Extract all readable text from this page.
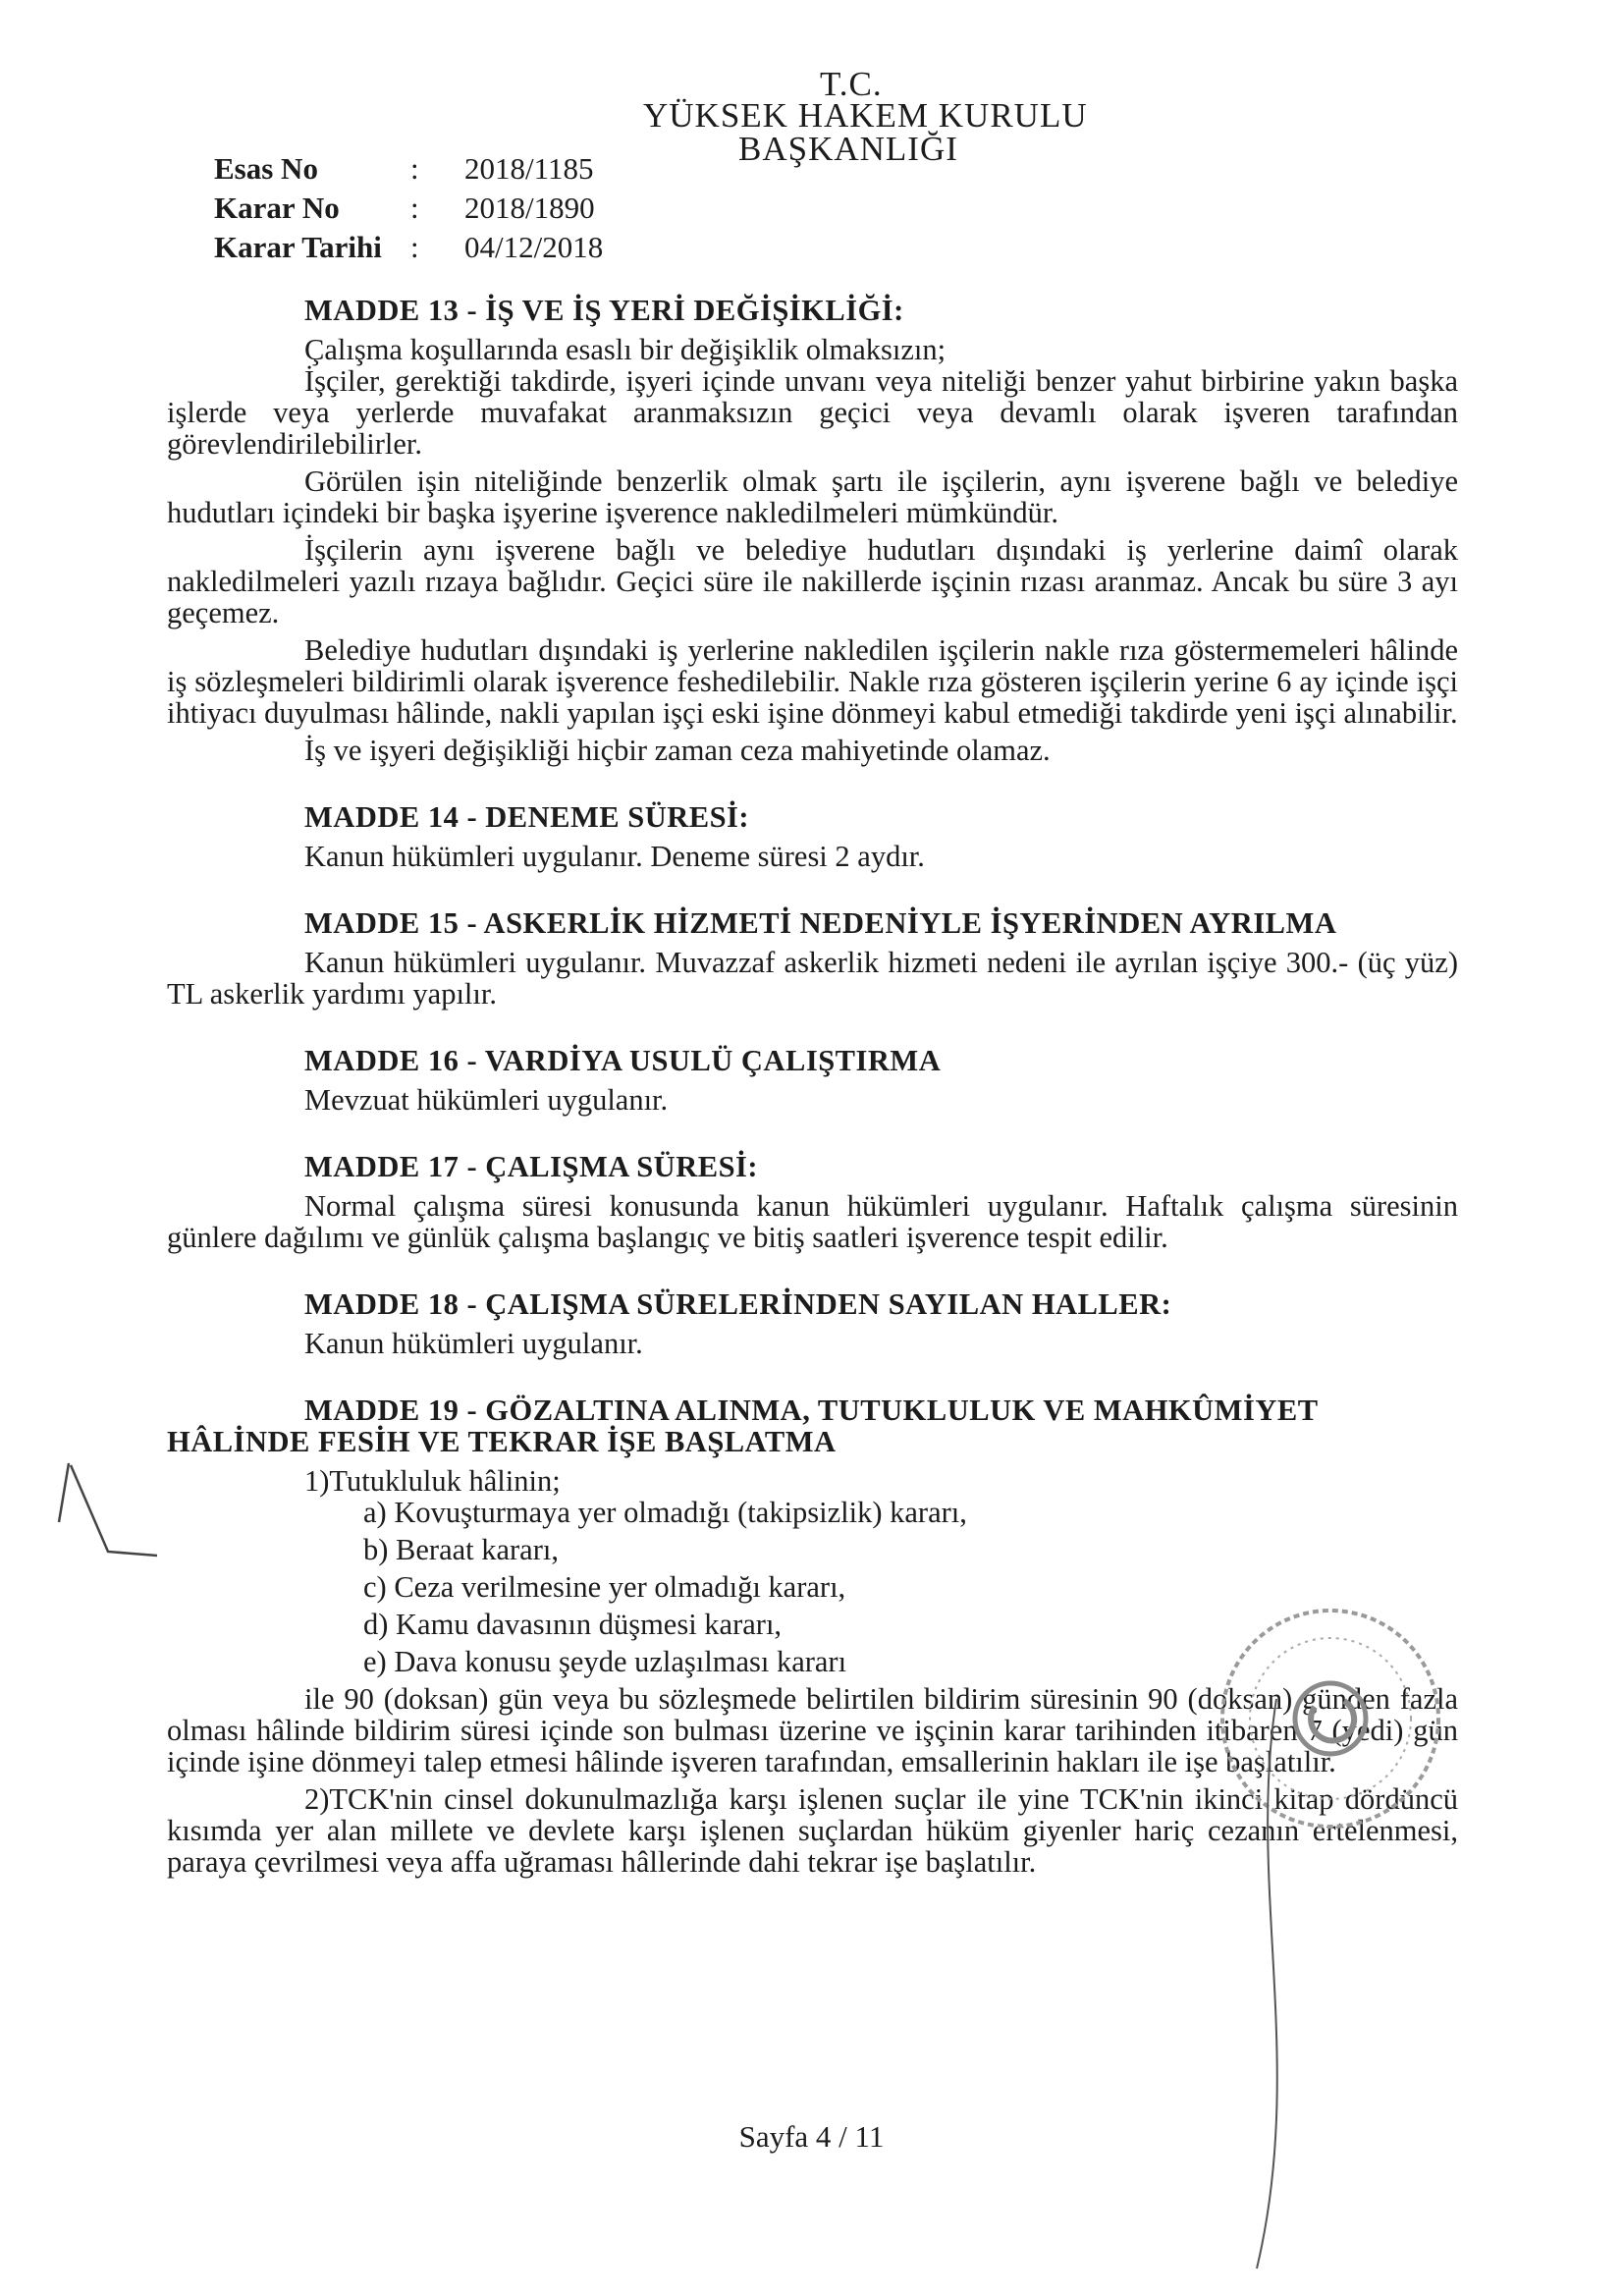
T.C.
YÜKSEK HAKEM KURULU
BAŞKANLIĞI
Esas No	:	2018/1185
Karar No	:	2018/1890
Karar Tarihi :	04/12/2018
MADDE 13 - İŞ VE İŞ YERİ DEĞİŞİKLİĞİ:
Çalışma koşullarında esaslı bir değişiklik olmaksızın;

İşçiler, gerektiği takdirde, işyeri içinde unvanı veya niteliği benzer yahut birbirine yakın başka işlerde veya yerlerde muvafakat aranmaksızın geçici veya devamlı olarak işveren tarafından görevlendirilebilirler.

Görülen işin niteliğinde benzerlik olmak şartı ile işçilerin, aynı işverene bağlı ve belediye hudutları içindeki bir başka işyerine işverence nakledilmeleri mümkündür.

İşçilerin aynı işverene bağlı ve belediye hudutları dışındaki iş yerlerine daimî olarak nakledilmeleri yazılı rızaya bağlıdır. Geçici süre ile nakillerde işçinin rızası aranmaz. Ancak bu süre 3 ayı geçemez.

Belediye hudutları dışındaki iş yerlerine nakledilen işçilerin nakle rıza göstermemeleri hâlinde iş sözleşmeleri bildirimli olarak işverence feshedilebilir. Nakle rıza gösteren işçilerin yerine 6 ay içinde işçi ihtiyacı duyulması hâlinde, nakli yapılan işçi eski işine dönmeyi kabul etmediği takdirde yeni işçi alınabilir.

İş ve işyeri değişikliği hiçbir zaman ceza mahiyetinde olamaz.

MADDE 14 - DENEME SÜRESİ:
Kanun hükümleri uygulanır. Deneme süresi 2 aydır.
MADDE 15 - ASKERLİK HİZMETİ NEDENİYLE İŞYERİNDEN AYRILMA

Kanun hükümleri uygulanır. Muvazzaf askerlik hizmeti nedeni ile ayrılan işçiye 300.- (üç yüz) TL askerlik yardımı yapılır.

MADDE 16 - VARDİYA USULÜ ÇALIŞTIRMA
Mevzuat hükümleri uygulanır.
MADDE 17 - ÇALIŞMA SÜRESİ:

Normal çalışma süresi konusunda kanun hükümleri uygulanır. Haftalık çalışma süresinin günlere dağılımı ve günlük çalışma başlangıç ve bitiş saatleri işverence tespit edilir.

MADDE 18 - ÇALIŞMA SÜRELERİNDEN SAYILAN HALLER:
Kanun hükümleri uygulanır.
MADDE 19 - GÖZALTINA ALINMA, TUTUKLULUK VE MAHKÛMİYET HÂLİNDE FESİH VE TEKRAR İŞE BAŞLATMA
1)Tutukluluk hâlinin;
a) Kovuşturmaya yer olmadığı (takipsizlik) kararı,
b) Beraat kararı,
c) Ceza verilmesine yer olmadığı kararı,
d) Kamu davasının düşmesi kararı,
e) Dava konusu şeyde uzlaşılması kararı

ile 90 (doksan) gün veya bu sözleşmede belirtilen bildirim süresinin 90 (doksan) günden fazla olması hâlinde bildirim süresi içinde son bulması üzerine ve işçinin karar tarihinden itibaren 7 (yedi) gün içinde işine dönmeyi talep etmesi hâlinde işveren tarafından, emsallerinin hakları ile işe başlatılır.

2)TCK'nin cinsel dokunulmazlığa karşı işlenen suçlar ile yine TCK'nin ikinci kitap dördüncü kısımda yer alan millete ve devlete karşı işlenen suçlardan hüküm giyenler hariç cezanın ertelenmesi, paraya çevrilmesi veya affa uğraması hâllerinde dahi tekrar işe başlatılır.

Sayfa 4 / 11
